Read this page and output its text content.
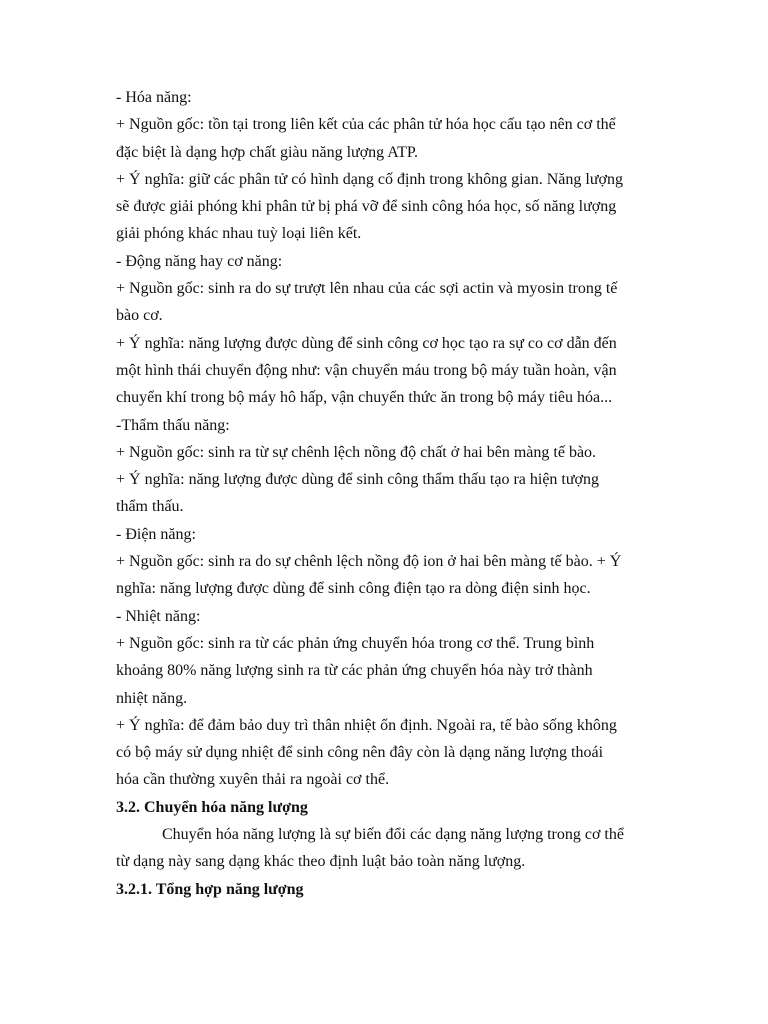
- Hóa năng:
+ Nguồn gốc: tồn tại trong liên kết của các phân tử hóa học cấu tạo nên cơ thể
đặc biệt là dạng hợp chất giàu năng lượng ATP.
+ Ý nghĩa: giữ các phân tử có hình dạng cố định trong không gian. Năng lượng
sẽ được giải phóng khi phân tử bị phá vỡ để sinh công hóa học, số năng lượng
giải phóng khác nhau tuỳ loại liên kết.
- Động năng hay cơ năng:
+ Nguồn gốc: sinh ra do sự trượt lên nhau của các sợi actin và myosin trong tế
bào cơ.
+ Ý nghĩa: năng lượng được dùng để sinh công cơ học tạo ra sự co cơ dẫn đến
một hình thái chuyển động như: vận chuyển máu trong bộ máy tuần hoàn, vận
chuyển khí trong bộ máy hô hấp, vận chuyển thức ăn trong bộ máy tiêu hóa...
-Thẩm thấu năng:
+ Nguồn gốc: sinh ra từ sự chênh lệch nồng độ chất ở hai bên màng tế bào.
+ Ý nghĩa: năng lượng được dùng để sinh công thẩm thấu tạo ra hiện tượng
thẩm thấu.
- Điện năng:
+ Nguồn gốc: sinh ra do sự chênh lệch nồng độ ion ở hai bên màng tế bào. + Ý
nghĩa: năng lượng được dùng để sinh công điện tạo ra dòng điện sinh học.
- Nhiệt năng:
+ Nguồn gốc: sinh ra từ các phản ứng chuyển hóa trong cơ thể. Trung bình
khoảng 80% năng lượng sinh ra từ các phản ứng chuyển hóa này trở thành
nhiệt năng.
+ Ý nghĩa: để đảm bảo duy trì thân nhiệt ổn định. Ngoài ra, tế bào sống không
có bộ máy sử dụng nhiệt để sinh công nên đây còn là dạng năng lượng thoái
hóa cần thường xuyên thải ra ngoài cơ thể.
3.2. Chuyển hóa năng lượng
Chuyển hóa năng lượng là sự biến đổi các dạng năng lượng trong cơ thể
từ dạng này sang dạng khác theo định luật bảo toàn năng lượng.
3.2.1. Tổng hợp năng lượng
